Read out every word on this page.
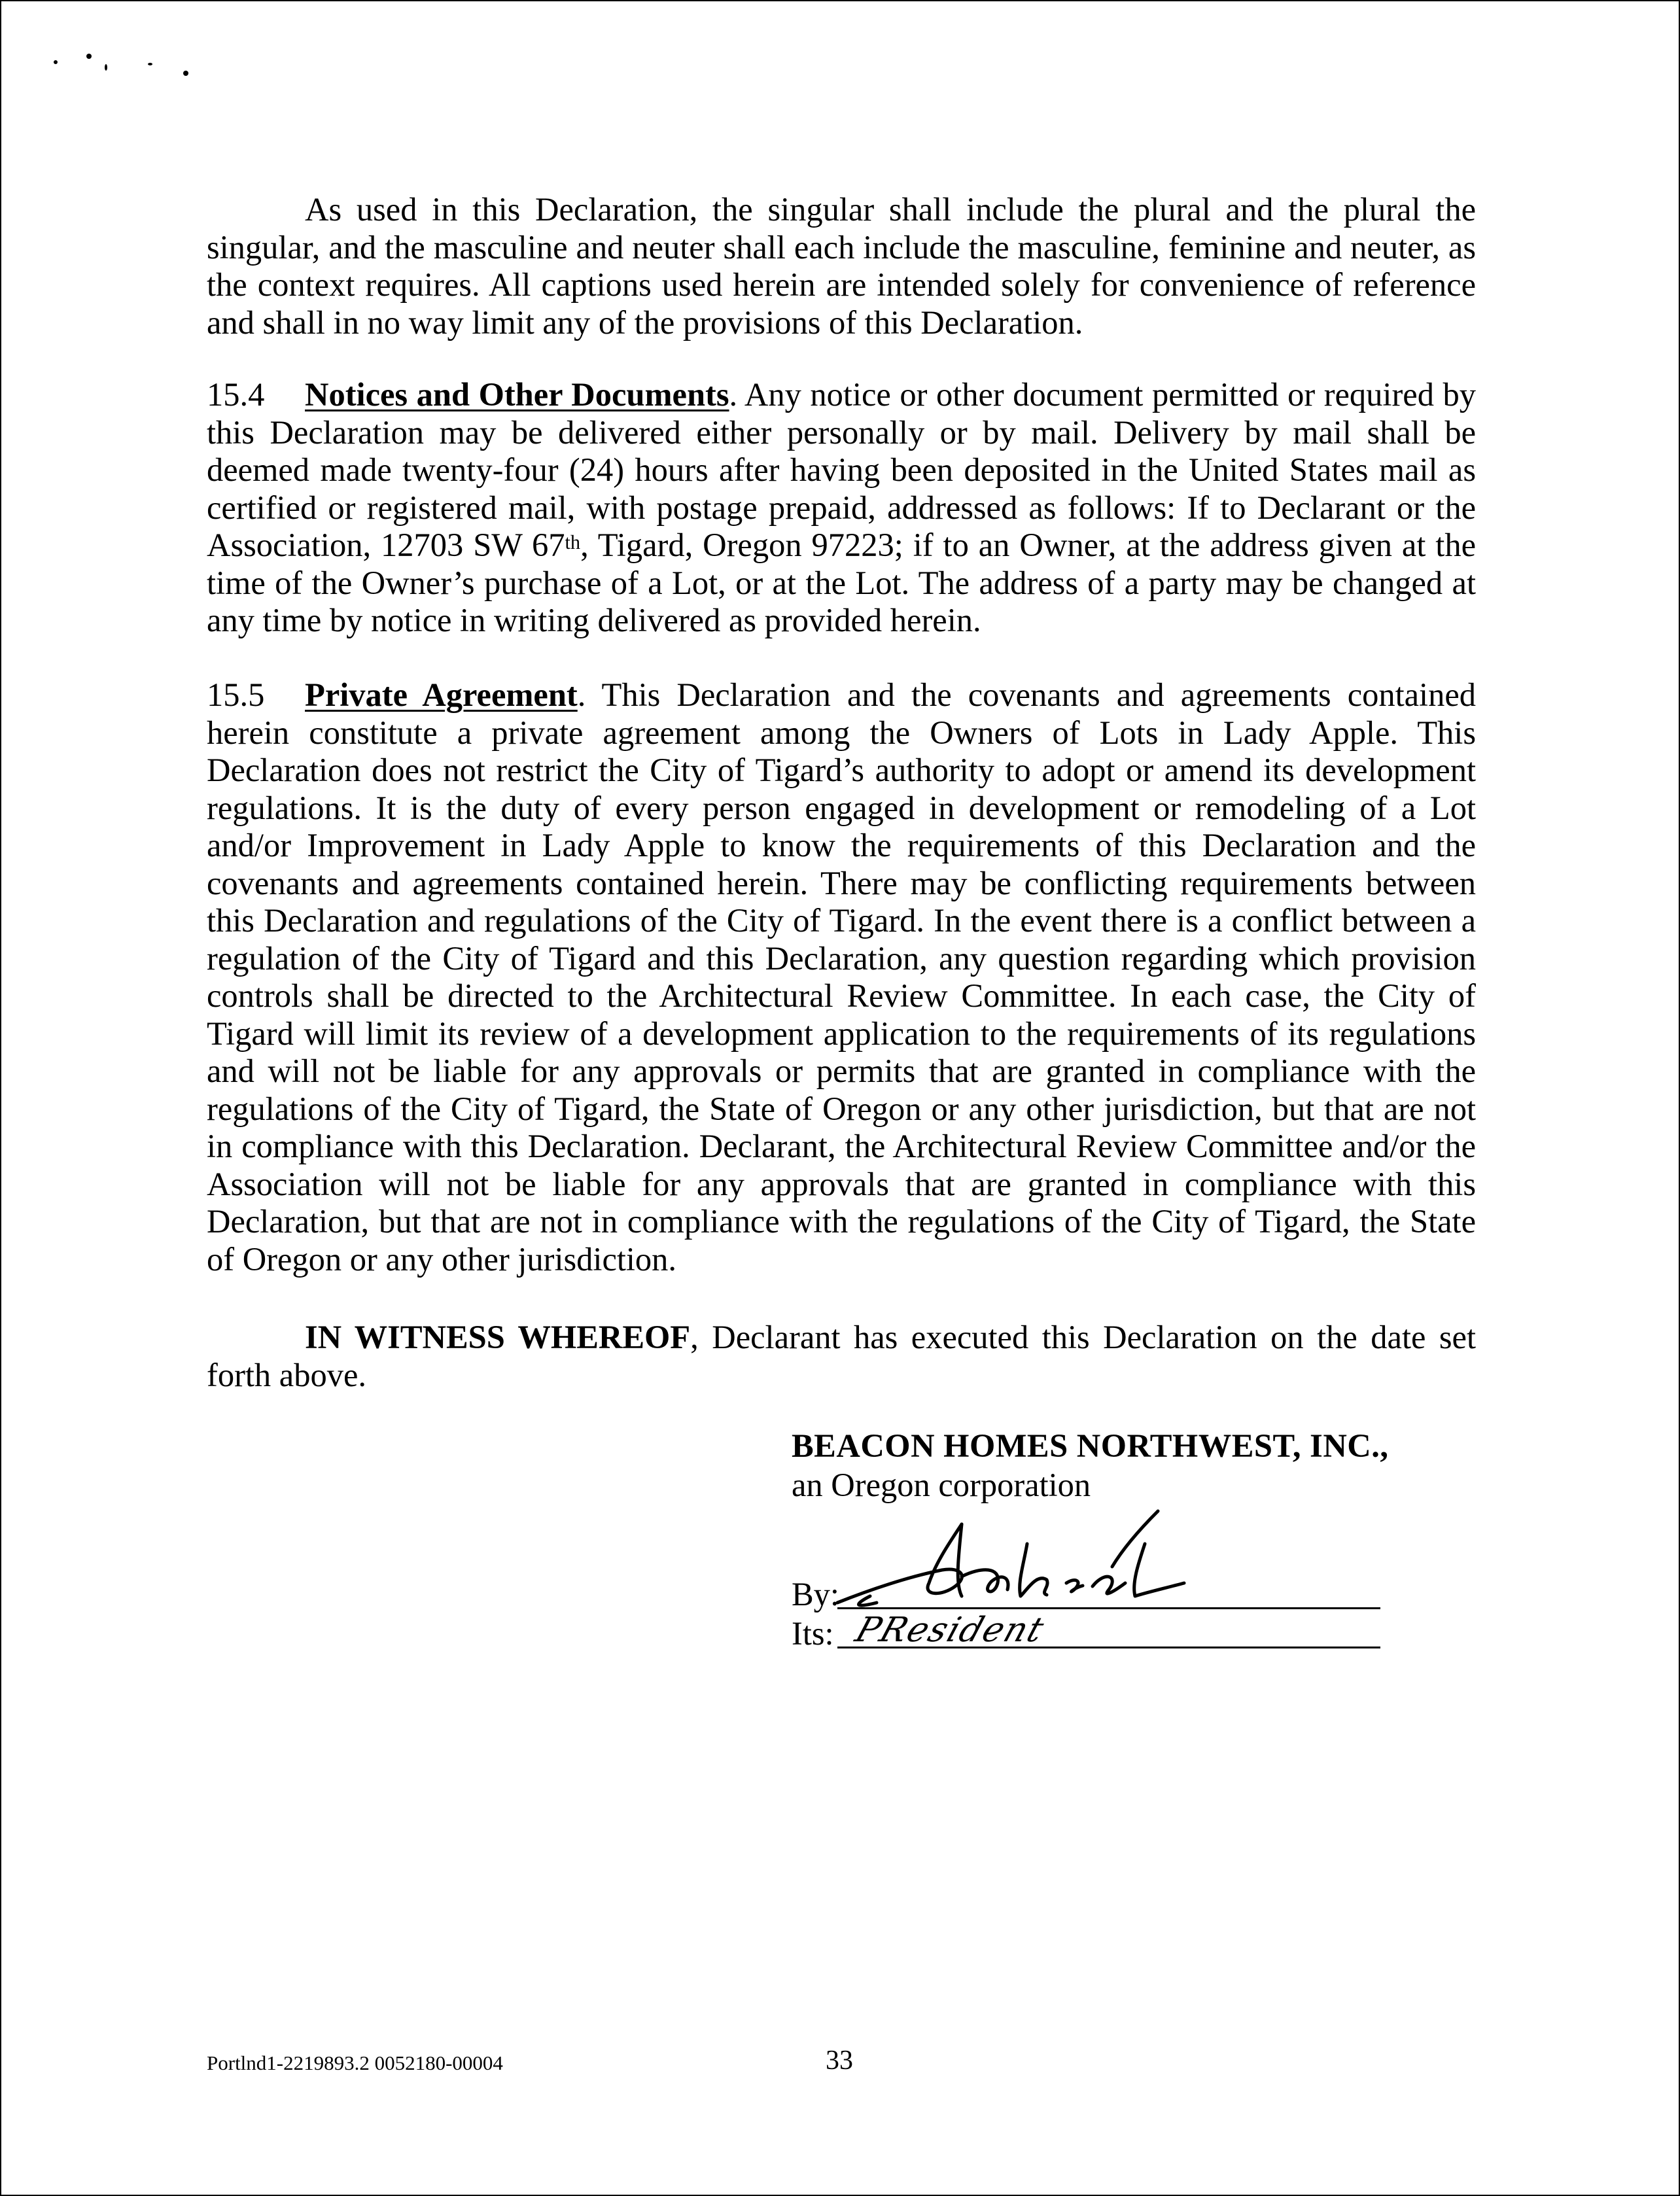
As used in this Declaration, the singular shall include the plural and the plural the singular, and the masculine and neuter shall each include the masculine, feminine and neuter, as the context requires. All captions used herein are intended solely for convenience of reference and shall in no way limit any of the provisions of this Declaration.

15.4 Notices and Other Documents. Any notice or other document permitted or required by this Declaration may be delivered either personally or by mail. Delivery by mail shall be deemed made twenty-four (24) hours after having been deposited in the United States mail as certified or registered mail, with postage prepaid, addressed as follows: If to Declarant or the Association, 12703 SW 67th, Tigard, Oregon 97223; if to an Owner, at the address given at the time of the Owner’s purchase of a Lot, or at the Lot. The address of a party may be changed at any time by notice in writing delivered as provided herein.

15.5 Private Agreement. This Declaration and the covenants and agreements contained herein constitute a private agreement among the Owners of Lots in Lady Apple. This Declaration does not restrict the City of Tigard’s authority to adopt or amend its development regulations. It is the duty of every person engaged in development or remodeling of a Lot and/or Improvement in Lady Apple to know the requirements of this Declaration and the covenants and agreements contained herein. There may be conflicting requirements between this Declaration and regulations of the City of Tigard. In the event there is a conflict between a regulation of the City of Tigard and this Declaration, any question regarding which provision controls shall be directed to the Architectural Review Committee. In each case, the City of Tigard will limit its review of a development application to the requirements of its regulations and will not be liable for any approvals or permits that are granted in compliance with the regulations of the City of Tigard, the State of Oregon or any other jurisdiction, but that are not in compliance with this Declaration. Declarant, the Architectural Review Committee and/or the Association will not be liable for any approvals that are granted in compliance with this Declaration, but that are not in compliance with the regulations of the City of Tigard, the State of Oregon or any other jurisdiction.

IN WITNESS WHEREOF, Declarant has executed this Declaration on the date set forth above.

BEACON HOMES NORTHWEST, INC.,
an Oregon corporation
By:
Its: PResident
Portlnd1-2219893.2 0052180-00004	33
